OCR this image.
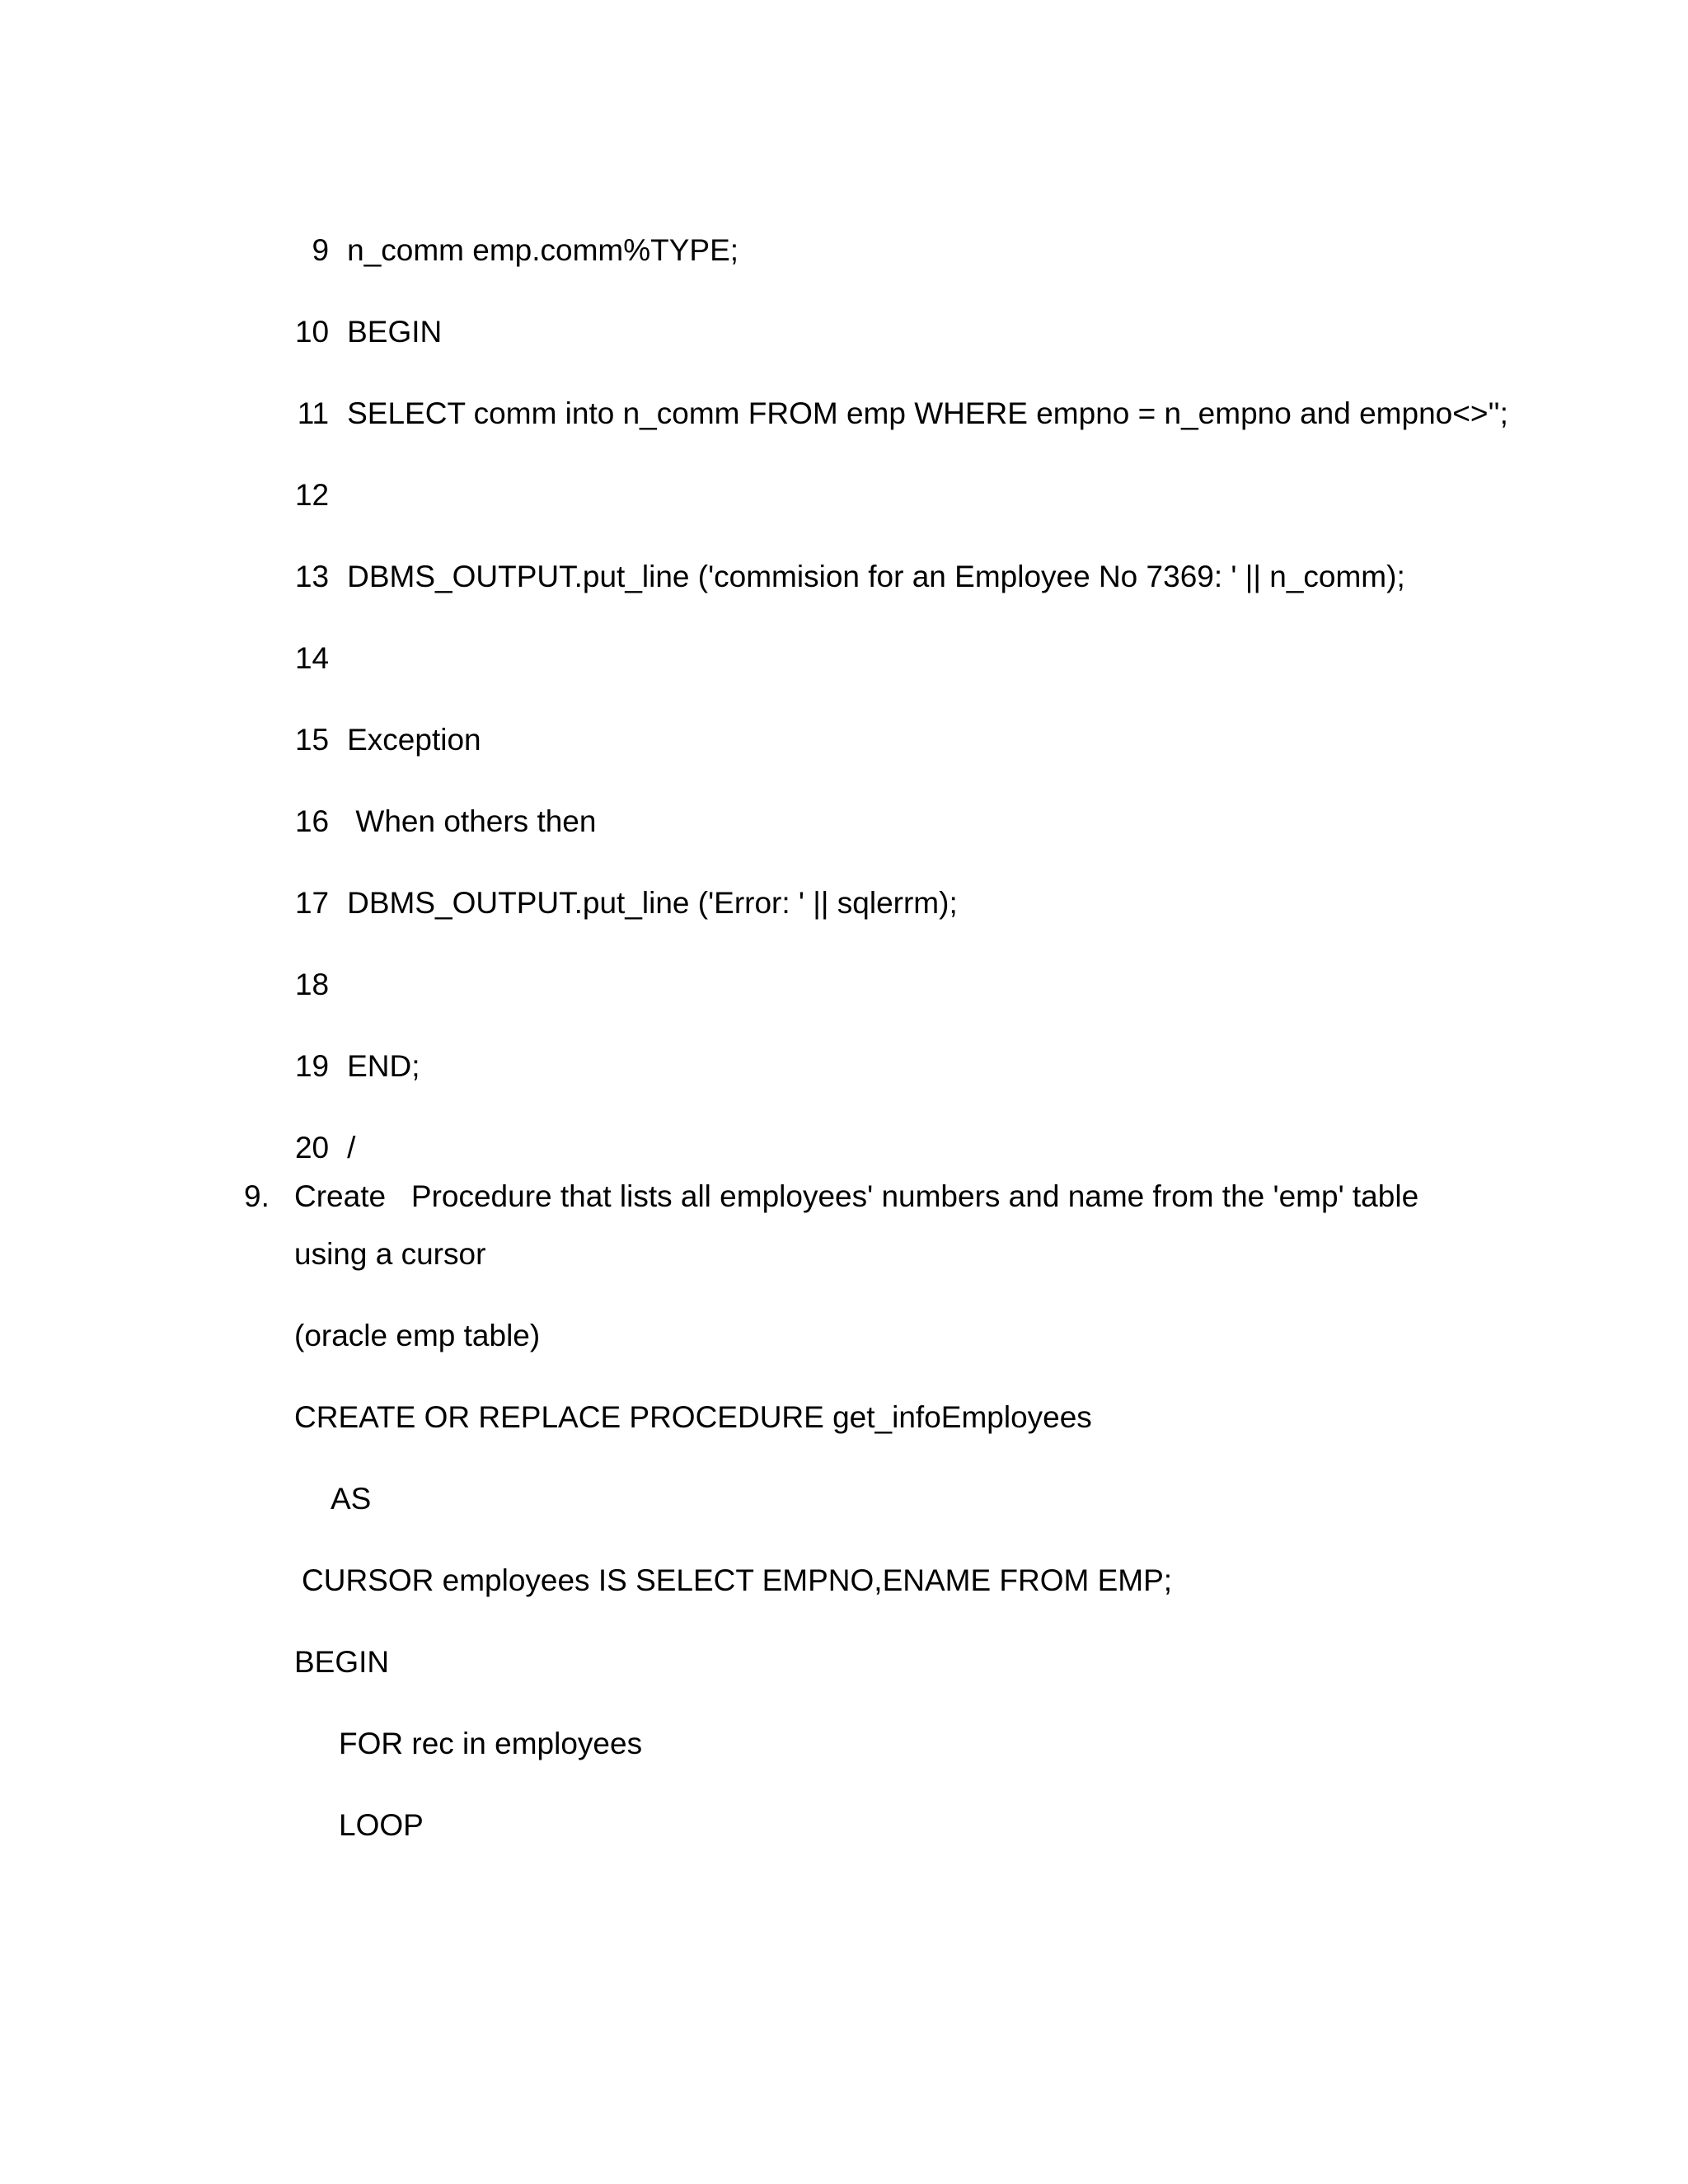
9 n_comm emp.comm%TYPE;

10 BEGIN

11 SELECT comm into n_comm FROM emp WHERE empno = n_empno and empno<>'';

12

13 DBMS_OUTPUT.put_line ('commision for an Employee No 7369: ' || n_comm);

14

15 Exception

16 When others then

17 DBMS_OUTPUT.put_line ('Error: ' || sqlerrm);

18

19 END;

20 /

9. Create   Procedure that lists all employees' numbers and name from the 'emp' table
using a cursor
(oracle emp table)
CREATE OR REPLACE PROCEDURE get_infoEmployees
AS
CURSOR employees IS SELECT EMPNO,ENAME FROM EMP;
BEGIN
FOR rec in employees
LOOP
